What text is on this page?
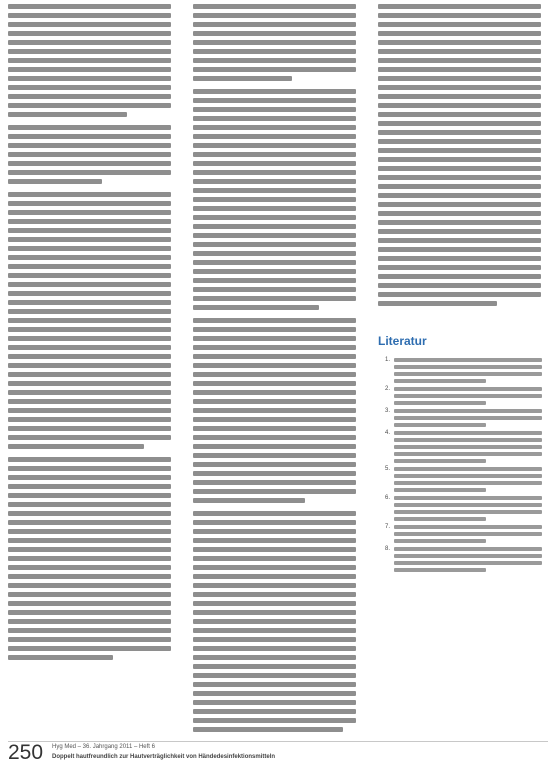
Literatur
1.
2.
3.
4.
5.
6.
7.
8.
250 Hyg Med – 36. Jahrgang 2011 – Heft 6
Doppelt hautfreundlich zur Hautverträglichkeit von Händedesinfektionsmitteln
